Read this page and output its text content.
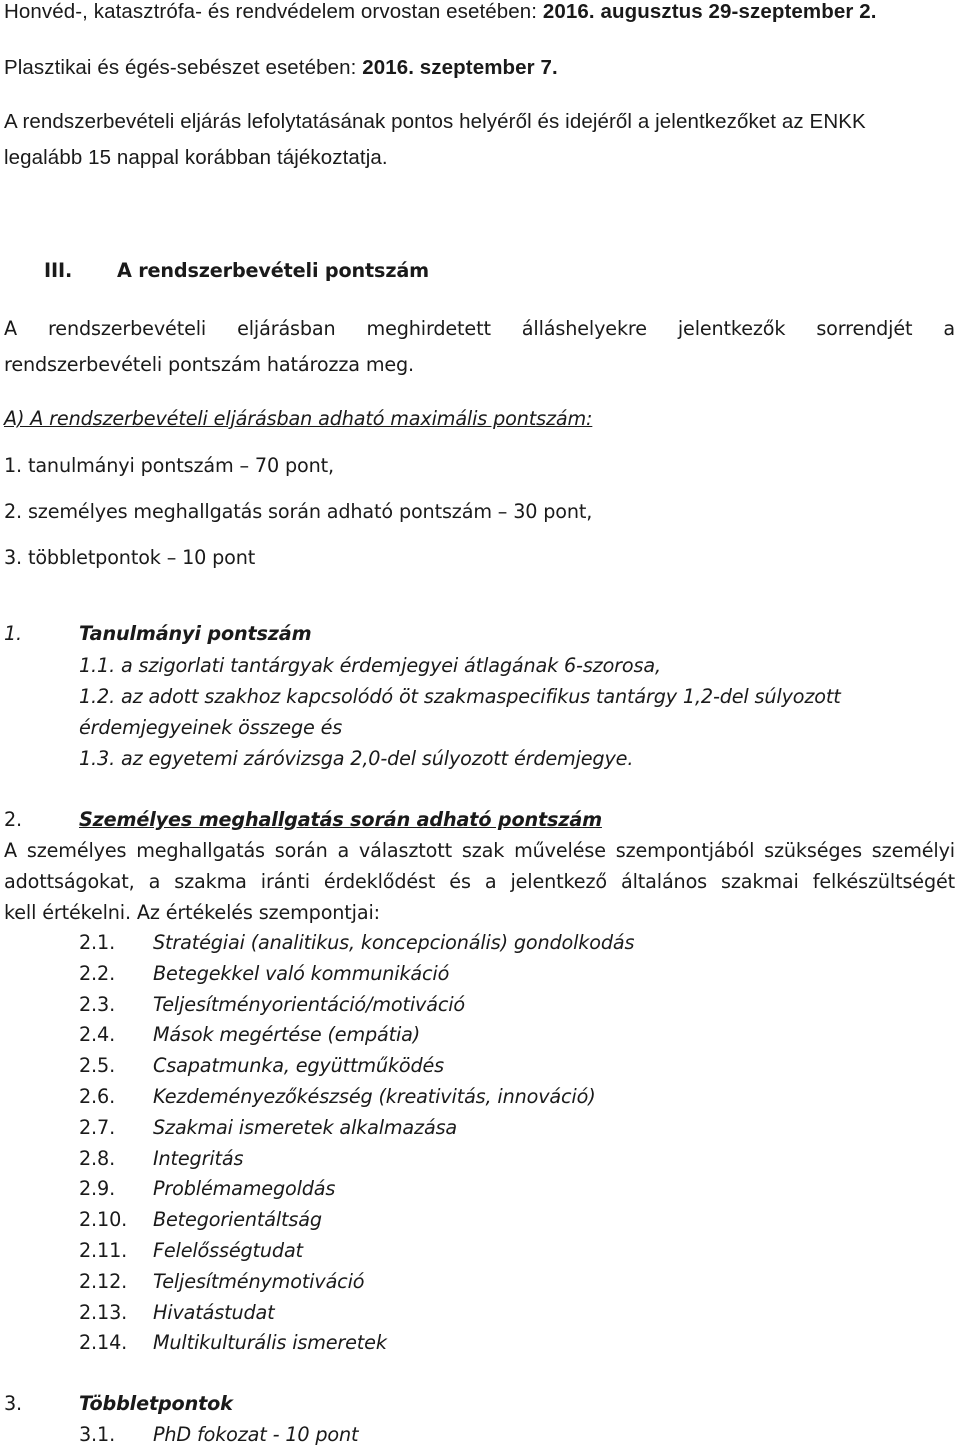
Honvéd-, katasztrófa- és rendvédelem orvostan esetében: 2016. augusztus 29-szeptember 2.
Plasztikai és égés-sebészet esetében: 2016. szeptember 7.
A rendszerbevételi eljárás lefolytatásának pontos helyéről és idejéről a jelentkezőket az ENKK
legalább 15 nappal korábban tájékoztatja.
III. A rendszerbevételi pontszám
A rendszerbevételi eljárásban meghirdetett álláshelyekre jelentkezők sorrendjét a
rendszerbevételi pontszám határozza meg.
A) A rendszerbevételi eljárásban adható maximális pontszám:
1. tanulmányi pontszám – 70 pont,
2. személyes meghallgatás során adható pontszám – 30 pont,
3. többletpontok – 10 pont
1.	Tanulmányi pontszám
1.1. a szigorlati tantárgyak érdemjegyei átlagának 6-szorosa,
1.2. az adott szakhoz kapcsolódó öt szakmaspecifikus tantárgy 1,2-del súlyozott
érdemjegyeinek összege és
1.3. az egyetemi záróvizsga 2,0-del súlyozott érdemjegye.
2.	Személyes meghallgatás során adható pontszám
A személyes meghallgatás során a választott szak művelése szempontjából szükséges személyi
adottságokat, a szakma iránti érdeklődést és a jelentkező általános szakmai felkészültségét
kell értékelni. Az értékelés szempontjai:
2.1. Stratégiai (analitikus, koncepcionális) gondolkodás
2.2. Betegekkel való kommunikáció
2.3. Teljesítményorientáció/motiváció
2.4. Mások megértése (empátia)
2.5. Csapatmunka, együttműködés
2.6. Kezdeményezőkészség (kreativitás, innováció)
2.7. Szakmai ismeretek alkalmazása
2.8. Integritás
2.9. Problémamegoldás
2.10. Betegorientáltság
2.11. Felelősségtudat
2.12. Teljesítménymotiváció
2.13. Hivatástudat
2.14. Multikulturális ismeretek
3.	Többletpontok
3.1. PhD fokozat - 10 pont
